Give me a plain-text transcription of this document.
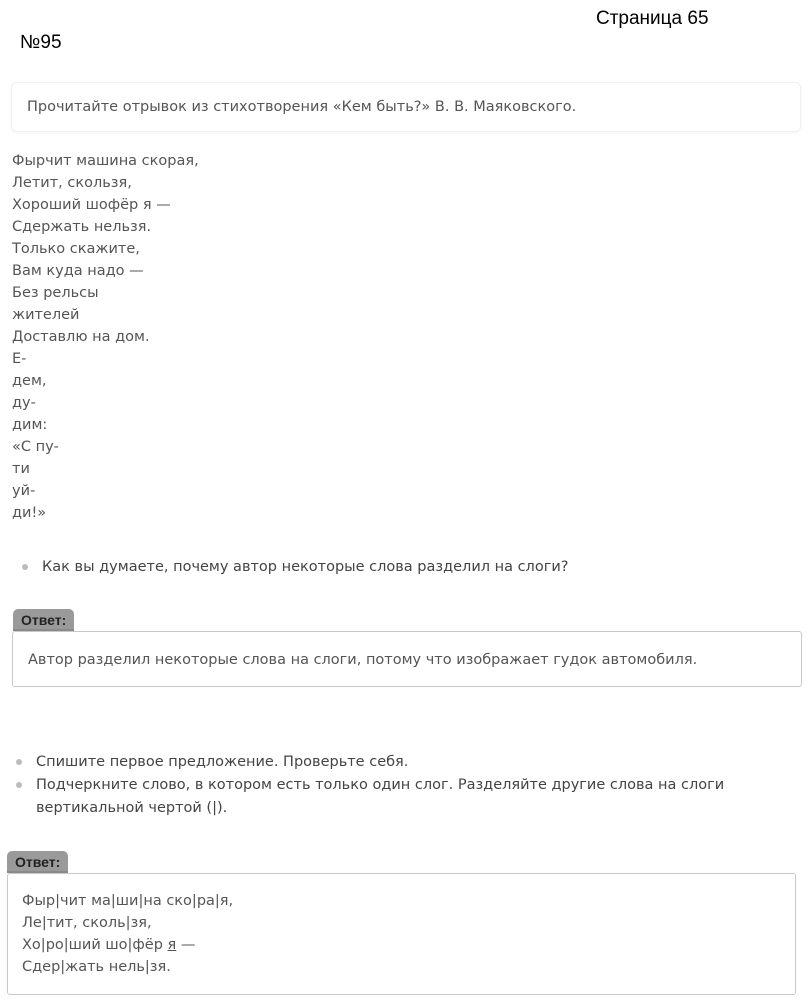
Страница 65
№95
Прочитайте отрывок из стихотворения «Кем быть?» В. В. Маяковского.
Фырчит машина скорая,
Летит, скользя,
Хороший шофёр я —
Сдержать нельзя.
Только скажите,
Вам куда надо —
Без рельсы
жителей
Доставлю на дом.
Е-
дем,
ду-
дим:
«С пу-
ти
уй-
ди!»
Как вы думаете, почему автор некоторые слова разделил на слоги?
Ответ:
Автор разделил некоторые слова на слоги, потому что изображает гудок автомобиля.
Спишите первое предложение. Проверьте себя.
Подчеркните слово, в котором есть только один слог. Разделяйте другие слова на слоги
вертикальной чертой (|).
Ответ:
Фыр|чит ма|ши|на ско|ра|я,
Ле|тит, сколь|зя,
Хо|ро|ший шо|фёр я —
Сдер|жать нель|зя.
